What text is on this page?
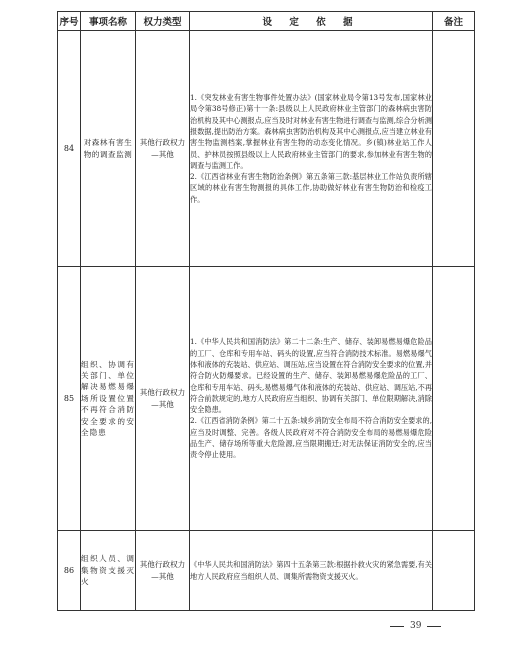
序号	事项名称	权力类型	设 定 依 据	备注
84	对森林有害生物的调查监测	其他行政权力—其他	1.《突发林业有害生物事件处置办法》(国家林业局令第13号发布,国家林业局令第38号修正)第十一条:县级以上人民政府林业主管部门的森林病虫害防治机构及其中心测报点,应当及时对林业有害生物进行调查与监测,综合分析测报数据,提出防治方案。森林病虫害防治机构及其中心测报点,应当建立林业有害生物监测档案,掌握林业有害生物的动态变化情况。乡(镇)林业站工作人员、护林员按照县级以上人民政府林业主管部门的要求,参加林业有害生物的调查与监测工作。

2.《江西省林业有害生物防治条例》第五条第三款:基层林业工作站负责所辖区域的林业有害生物测报的具体工作,协助做好林业有害生物防治和检疫工作。	

85	组织、协调有关部门、单位解决易燃易爆场所设置位置不再符合消防安全要求的安全隐患	其他行政权力—其他	1.《中华人民共和国消防法》第二十二条:生产、储存、装卸易燃易爆危险品的工厂、仓库和专用车站、码头的设置,应当符合消防技术标准。易燃易爆气体和液体的充装站、供应站、调压站,应当设置在符合消防安全要求的位置,并符合防火防爆要求。已经设置的生产、储存、装卸易燃易爆危险品的工厂、仓库和专用车站、码头,易燃易爆气体和液体的充装站、供应站、调压站,不再符合前款规定的,地方人民政府应当组织、协调有关部门、单位限期解决,消除安全隐患。

2.《江西省消防条例》第二十五条:城乡消防安全布局不符合消防安全要求的,应当及时调整、完善。各级人民政府对不符合消防安全布局的易燃易爆危险品生产、储存场所等重大危险源,应当限期搬迁;对无法保证消防安全的,应当责令停止使用。	

86	组织人员、调集物资支援灭火	其他行政权力—其他	《中华人民共和国消防法》第四十五条第三款:根据扑救火灾的紧急需要,有关地方人民政府应当组织人员、调集所需物资支援灭火。	

39
